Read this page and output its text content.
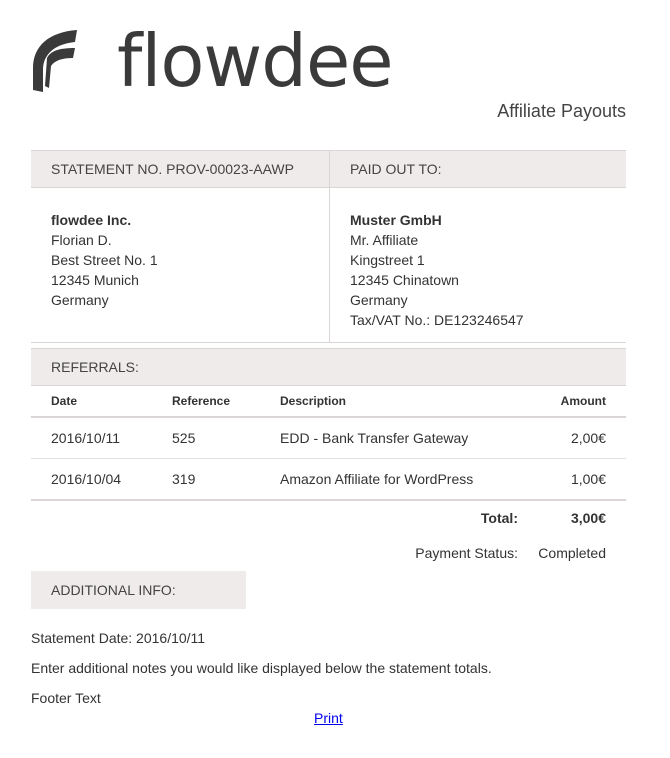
flowdee
Affiliate Payouts
STATEMENT NO. PROV-00023-AAWP	PAID OUT TO:
flowdee Inc.
Florian D.
Best Street No. 1
12345 Munich
Germany
Muster GmbH
Mr. Affiliate
Kingstreet 1
12345 Chinatown
Germany
Tax/VAT No.: DE123246547
REFERRALS:
Date	Reference	Description	Amount
2016/10/11	525	EDD - Bank Transfer Gateway	2,00€
2016/10/04	319	Amazon Affiliate for WordPress	1,00€
Total:	3,00€
Payment Status: Completed
ADDITIONAL INFO:
Statement Date: 2016/10/11
Enter additional notes you would like displayed below the statement totals.
Footer Text
Print
